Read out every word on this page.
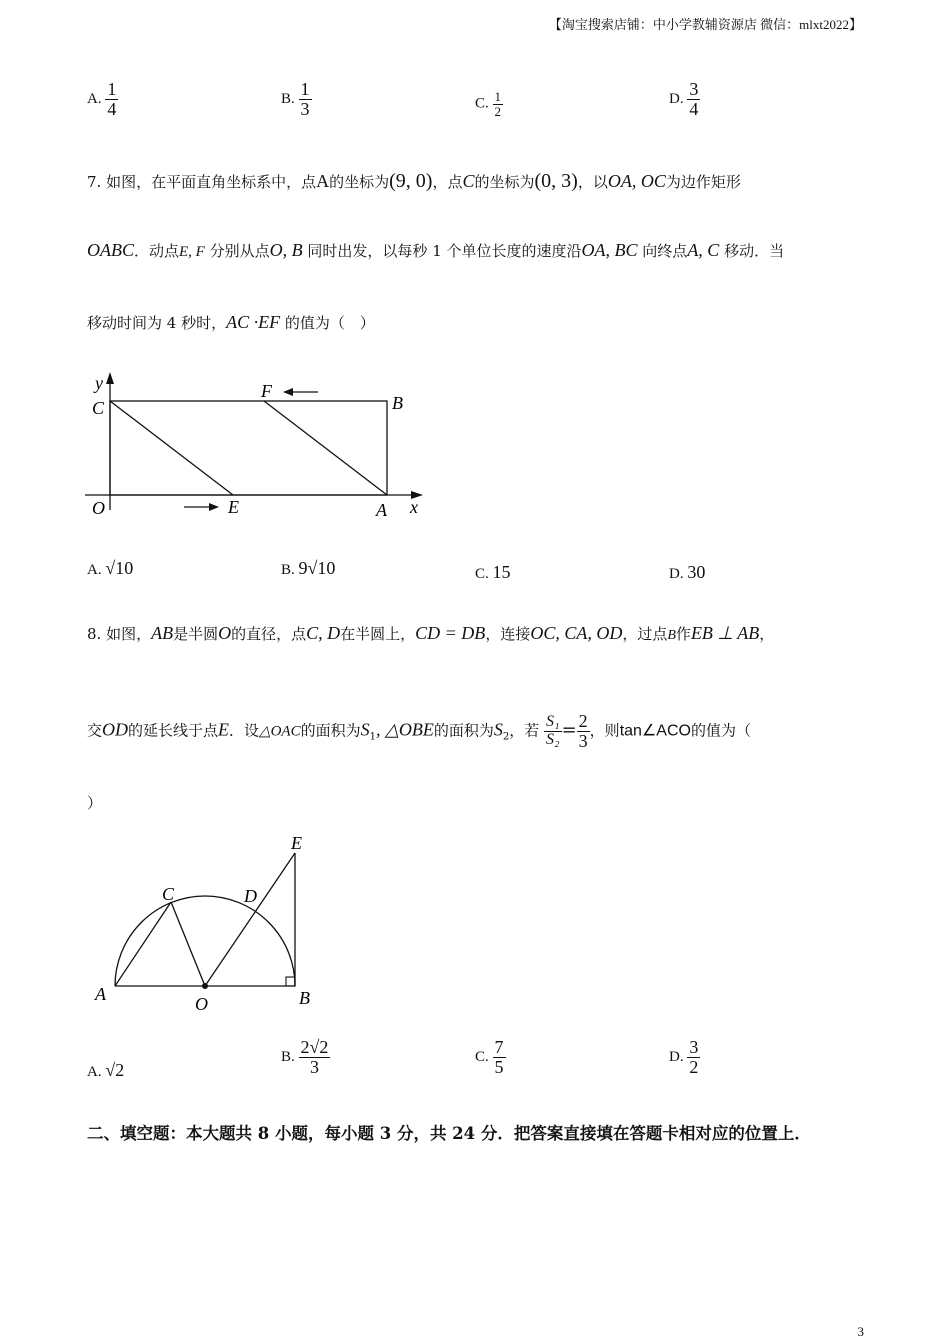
【淘宝搜索店铺：中小学教辅资源店 微信：mlxt2022】
A. $\frac{1}{4}$	B. $\frac{1}{3}$	C. $\frac{1}{2}$	D. $\frac{3}{4}$
7. 如图，在平面直角坐标系中，点A的坐标为(9, 0)，点C的坐标为(0, 3)，以OA, OC为边作矩形
OABC．动点E, F 分别从点O, B 同时出发，以每秒 1 个单位长度的速度沿OA, BC 向终点A, C 移动．当
移动时间为 4 秒时，AC ·EF 的值为（　）
y
x
O
C
F
B
E	A
A. √10	B. 9√10	C. 15	D. 30
8. 如图，AB是半圆O的直径，点C, D在半圆上，CD = DB，连接OC, CA, OD，过点B作EB ⊥ AB，
交OD的延长线于点E．设△OAC的面积为$S_1$, △OBE的面积为$S_2$，若 $\frac{\text{S₁}}{\text{S₂}} = \frac{2}{3}$ ，则tan∠ACO的值为（
）
A	O	B
C	D
E
A. √2
B. $\frac{2√2}{3}$	C. $\frac{7}{5}$	D. $\frac{3}{2}$
二、填空题：本大题共 8 小题，每小题 3 分，共 24 分．把答案直接填在答题卡相对应的位置上．
3
